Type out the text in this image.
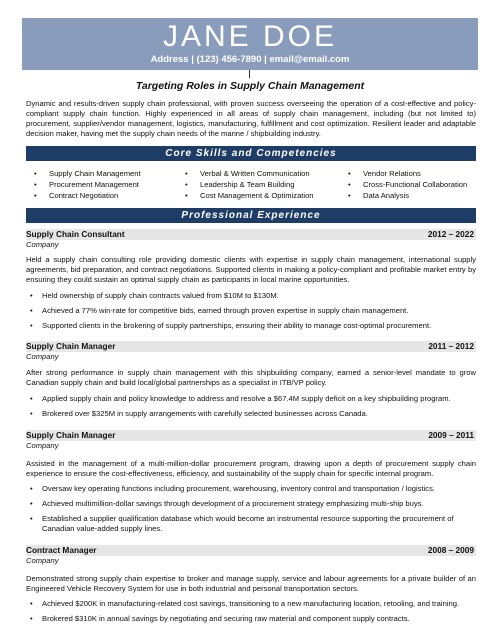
JANE DOE
Address | (123) 456-7890 | email@email.com
Targeting Roles in Supply Chain Management

Dynamic and results-driven supply chain professional, with proven success overseeing the operation of a cost-effective and policy-compliant supply chain function. Highly experienced in all areas of supply chain management, including (but not limited to) procurement, supplier/vendor management, logistics, manufacturing, fulfillment and cost optimization. Resilient leader and adaptable decision maker, having met the supply chain needs of the marine / shipbuilding industry.

Core Skills and Competencies
• Supply Chain Management
• Procurement Management
• Contract Negotiation
• Verbal & Written Communication
• Leadership & Team Building
• Cost Management & Optimization
• Vendor Relations
• Cross-Functional Collaboration
• Data Analysis
Professional Experience
Supply Chain Consultant	2012 – 2022
Company

Held a supply chain consulting role providing domestic clients with expertise in supply chain management, international supply agreements, bid preparation, and contract negotiations. Supported clients in making a policy-compliant and profitable market entry by ensuring they could sustain an optimal supply chain as participants in local marine opportunities.

• Held ownership of supply chain contracts valued from $10M to $130M.
• Achieved a 77% win-rate for competitive bids, earned through proven expertise in supply chain management.
• Supported clients in the brokering of supply partnerships, ensuring their ability to manage cost-optimal procurement.
Supply Chain Manager	2011 – 2012
Company

After strong performance in supply chain management with this shipbuilding company, earned a senior-level mandate to grow Canadian supply chain and build local/global partnerships as a specialist in ITB/VP policy.

• Applied supply chain and policy knowledge to address and resolve a $67.4M supply deficit on a key shipbuilding program.
• Brokered over $325M in supply arrangements with carefully selected businesses across Canada.
Supply Chain Manager	2009 – 2011
Company

Assisted in the management of a multi-million-dollar procurement program, drawing upon a depth of procurement supply chain experience to ensure the cost-effectiveness, efficiency, and sustainability of the supply chain for specific internal program.

• Oversaw key operating functions including procurement, warehousing, inventory control and transportation / logistics.
• Achieved multimillion-dollar savings through development of a procurement strategy emphasizing multi-ship buys.
• Established a supplier qualification database which would become an instrumental resource supporting the procurement of Canadian value-added supply lines.
Contract Manager	2008 – 2009
Company

Demonstrated strong supply chain expertise to broker and manage supply, service and labour agreements for a private builder of an Engineered Vehicle Recovery System for use in both industrial and personal transportation sectors.

• Achieved $200K in manufacturing-related cost savings, transitioning to a new manufacturing location, retooling, and training.
• Brokered $310K in annual savings by negotiating and securing raw material and component supply contracts.
